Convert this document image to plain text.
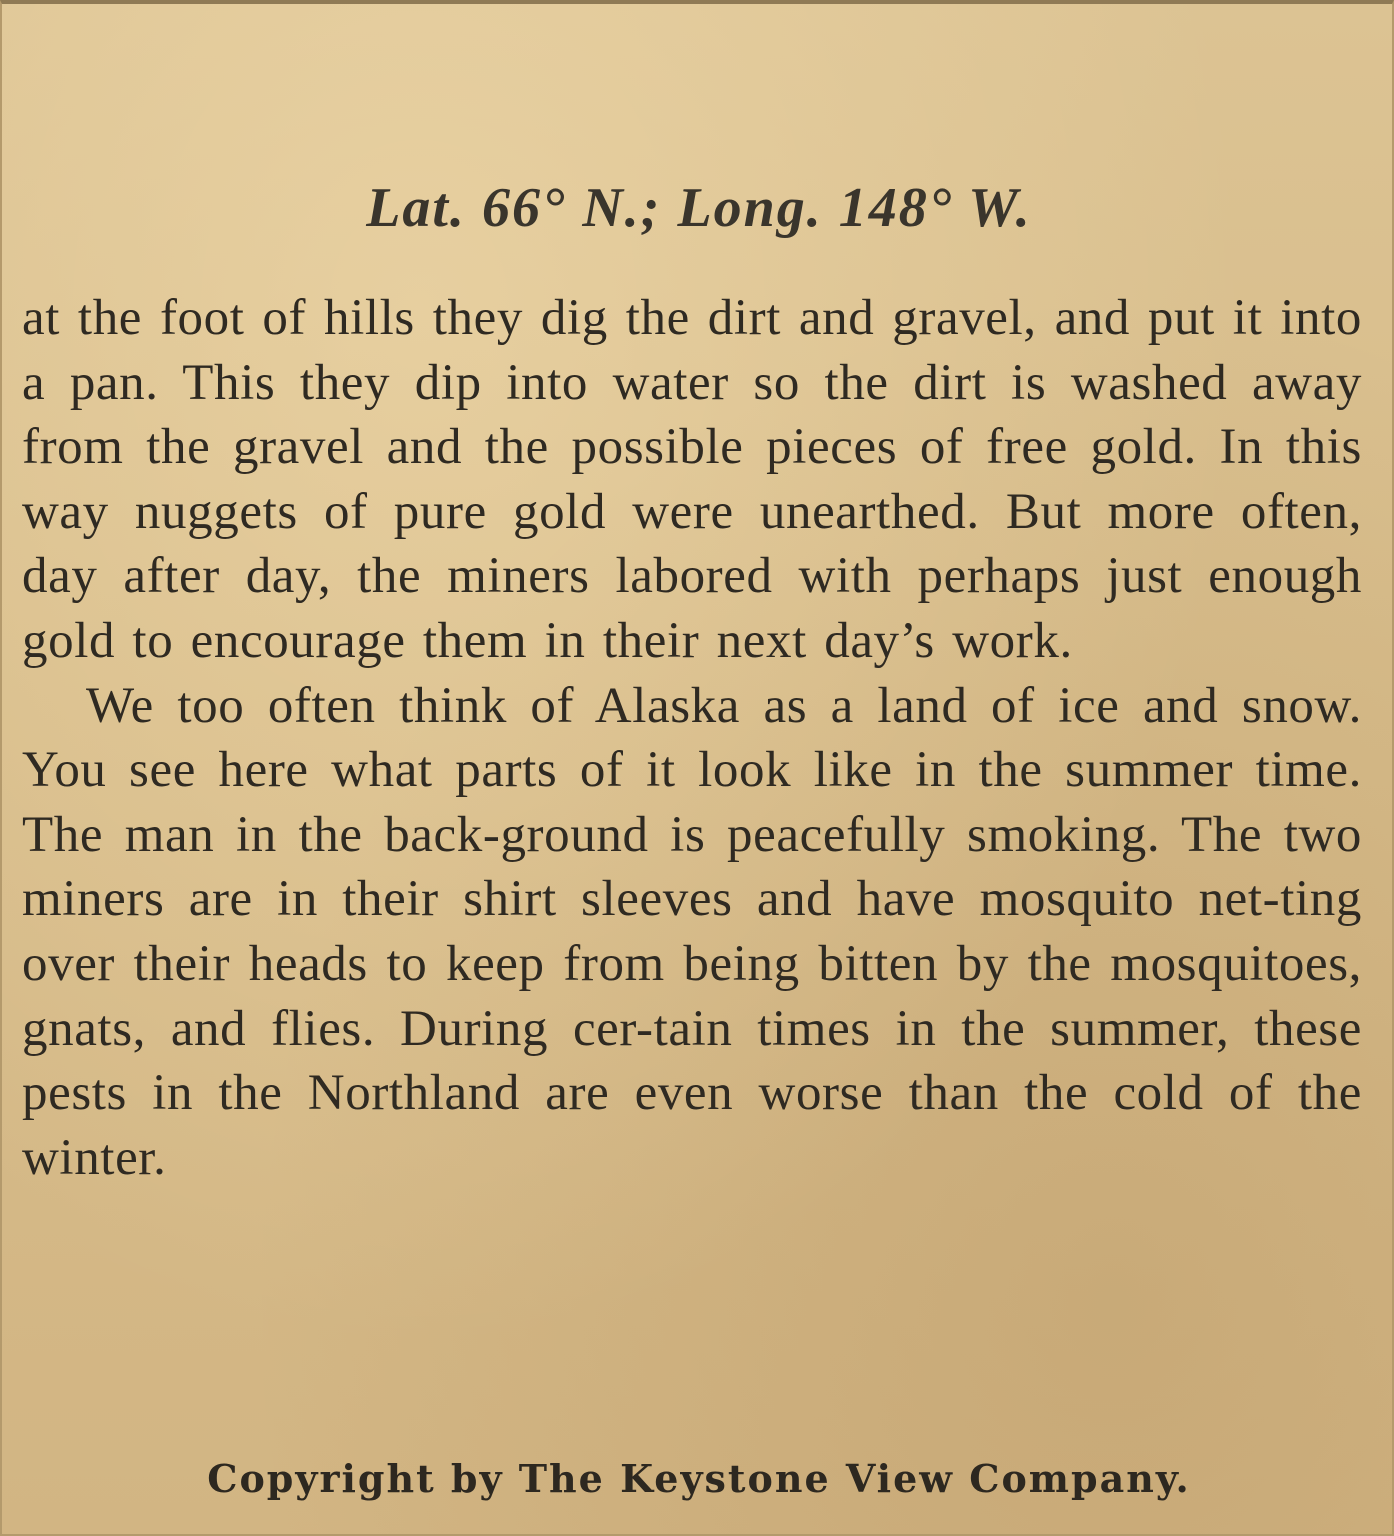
Lat. 66° N.; Long. 148° W.

at the foot of hills they dig the dirt and gravel, and put it into a pan. This they dip into water so the dirt is washed away from the gravel and the possible pieces of free gold. In this way nuggets of pure gold were unearthed. But more often, day after day, the miners labored with perhaps just enough gold to encourage them in their next day’s work.

We too often think of Alaska as a land of ice and snow. You see here what parts of it look like in the summer time. The man in the back-ground is peacefully smoking. The two miners are in their shirt sleeves and have mosquito net-ting over their heads to keep from being bitten by the mosquitoes, gnats, and flies. During cer-tain times in the summer, these pests in the Northland are even worse than the cold of the winter.

Copyright by The Keystone View Company.
